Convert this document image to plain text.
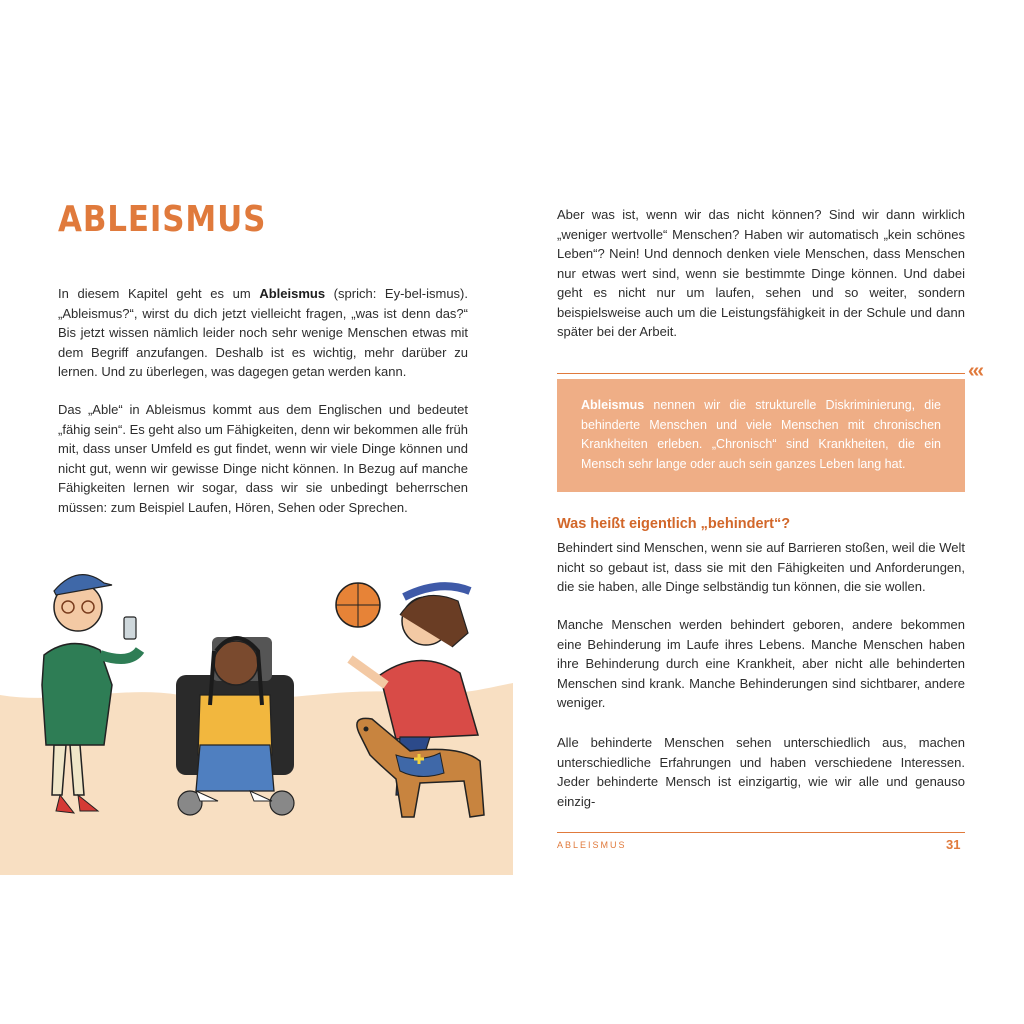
ABLEISMUS

In diesem Kapitel geht es um Ableismus (sprich: Ey-bel-ismus). „Ableismus?“, wirst du dich jetzt vielleicht fragen, „was ist denn das?“ Bis jetzt wissen nämlich leider noch sehr wenige Menschen etwas mit dem Begriff anzufangen. Deshalb ist es wichtig, mehr darüber zu lernen. Und zu überlegen, was dagegen getan werden kann.

Das „Able“ in Ableismus kommt aus dem Englischen und bedeutet „fähig sein“. Es geht also um Fähigkeiten, denn wir bekommen alle früh mit, dass unser Umfeld es gut findet, wenn wir viele Dinge können und nicht gut, wenn wir gewisse Dinge nicht können. In Bezug auf manche Fähigkeiten lernen wir sogar, dass wir sie unbedingt beherrschen müssen: zum Beispiel Laufen, Hören, Sehen oder Sprechen.

Aber was ist, wenn wir das nicht können? Sind wir dann wirklich „weniger wertvolle“ Menschen? Haben wir automatisch „kein schönes Leben“? Nein! Und dennoch denken viele Menschen, dass Menschen nur etwas wert sind, wenn sie bestimmte Dinge können. Und dabei geht es nicht nur um laufen, sehen und so weiter, sondern beispielsweise auch um die Leistungsfähigkeit in der Schule und dann später bei der Arbeit.

‹‹‹

Ableismus nennen wir die strukturelle Diskriminierung, die behinderte Menschen und viele Menschen mit chronischen Krankheiten erleben. „Chronisch“ sind Krankheiten, die ein Mensch sehr lange oder auch sein ganzes Leben lang hat.

Was heißt eigentlich „behindert“?

Behindert sind Menschen, wenn sie auf Barrieren stoßen, weil die Welt nicht so gebaut ist, dass sie mit den Fähigkeiten und Anforderungen, die sie haben, alle Dinge selbständig tun können, die sie wollen.

Manche Menschen werden behindert geboren, andere bekommen eine Behinderung im Laufe ihres Lebens. Manche Menschen haben ihre Behinderung durch eine Krankheit, aber nicht alle behinderten Menschen sind krank. Manche Behinderungen sind sichtbarer, andere weniger.

Alle behinderte Menschen sehen unterschiedlich aus, machen unterschiedliche Erfahrungen und haben verschiedene Interessen. Jeder behinderte Mensch ist einzigartig, wie wir alle und genauso einzig-

ABLEISMUS	31
